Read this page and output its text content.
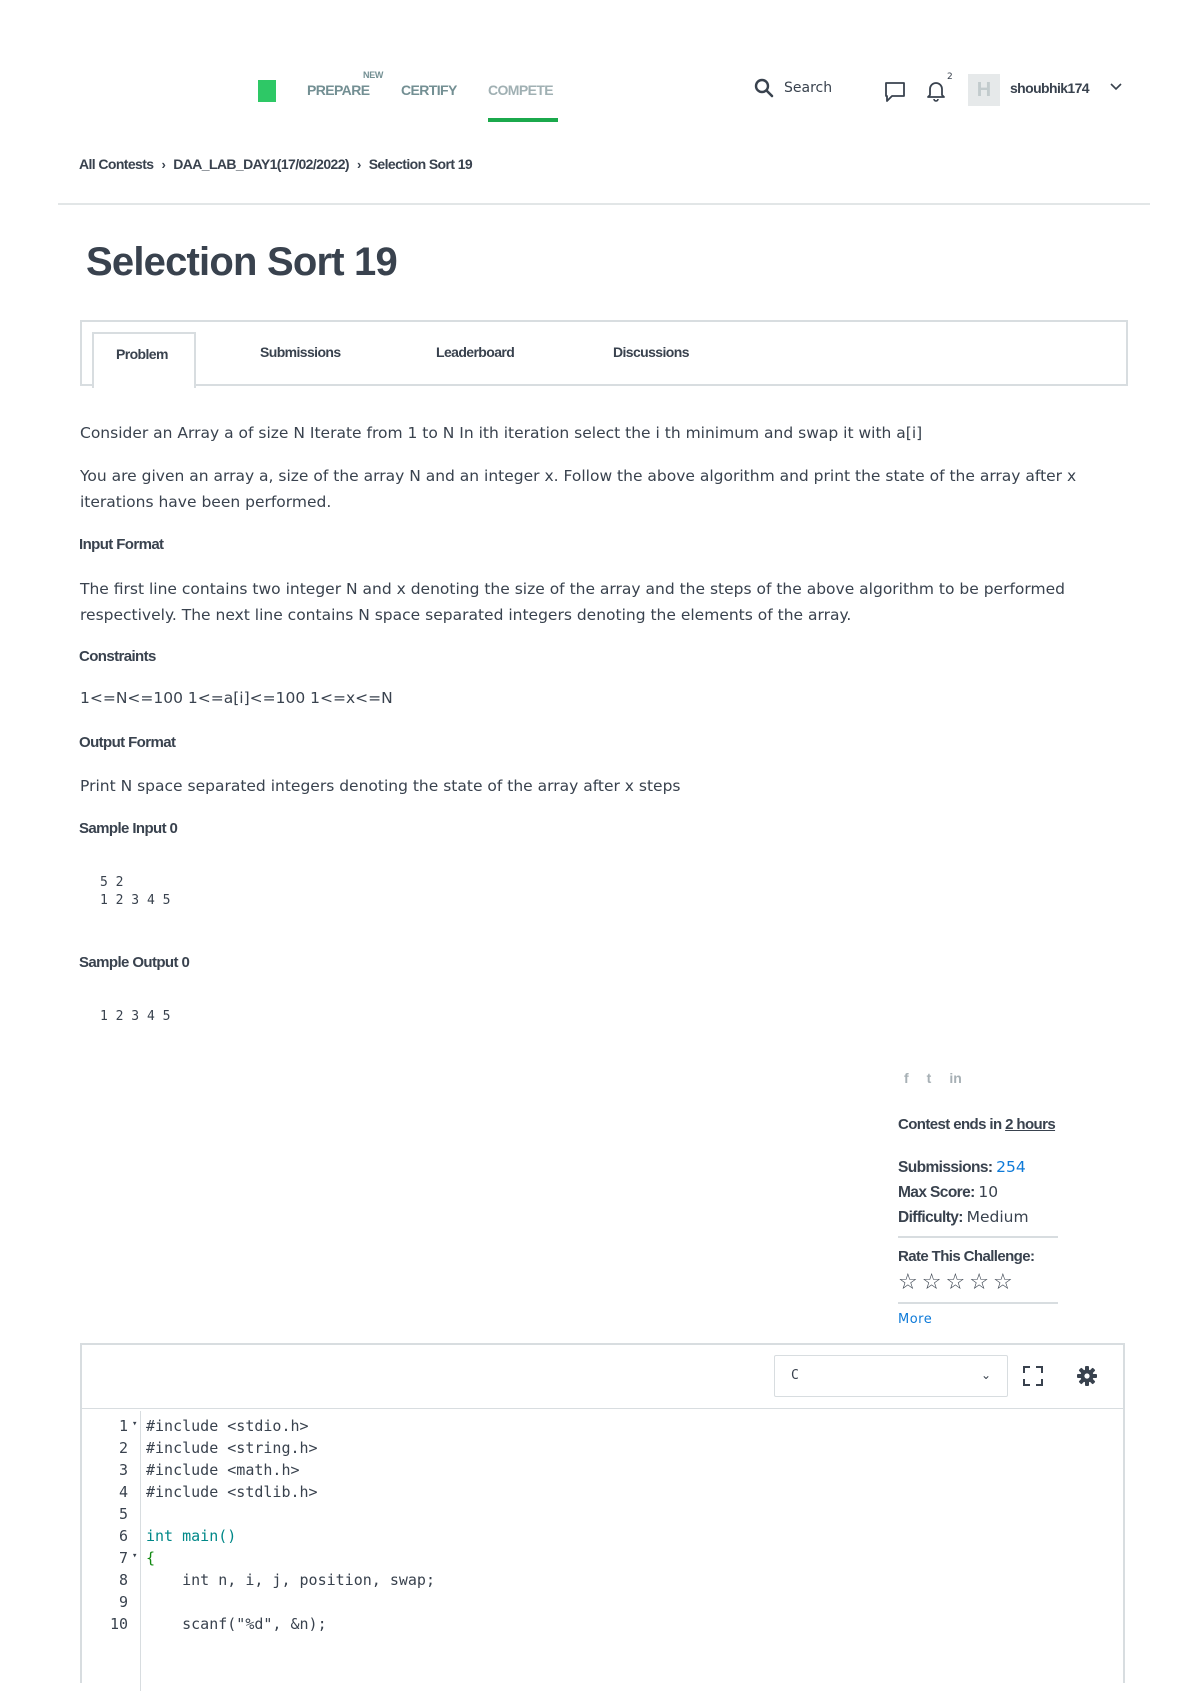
NEW
PREPARE CERTIFY COMPETE	Search
2
H	shoubhik174
All Contests › DAA_LAB_DAY1(17/02/2022) › Selection Sort 19
Selection Sort 19
Problem	Submissions	Leaderboard	Discussions

Consider an Array a of size N Iterate from 1 to N In ith iteration select the i th minimum and swap it with a[i]

You are given an array a, size of the array N and an integer x. Follow the above algorithm and print the state of the array after x iterations have been performed.

Input Format

The first line contains two integer N and x denoting the size of the array and the steps of the above algorithm to be performed respectively. The next line contains N space separated integers denoting the elements of the array.

Constraints

1<=N<=100 1<=a[i]<=100 1<=x<=N

Output Format

Print N space separated integers denoting the state of the array after x steps

Sample Input 0
5 2
1 2 3 4 5
Sample Output 0
1 2 3 4 5
f t in
Contest ends in 2 hours
Submissions: 254
Max Score: 10
Difficulty: Medium
Rate This Challenge:
☆ ☆ ☆ ☆ ☆
More
C	⌄
1 ▾ #include <stdio.h>
2 #include <string.h>
3 #include <math.h>
4 #include <stdlib.h>
5
6 int main()
7 ▾ {
8 int n, i, j, position, swap;
9
10 scanf("%d", &n);
